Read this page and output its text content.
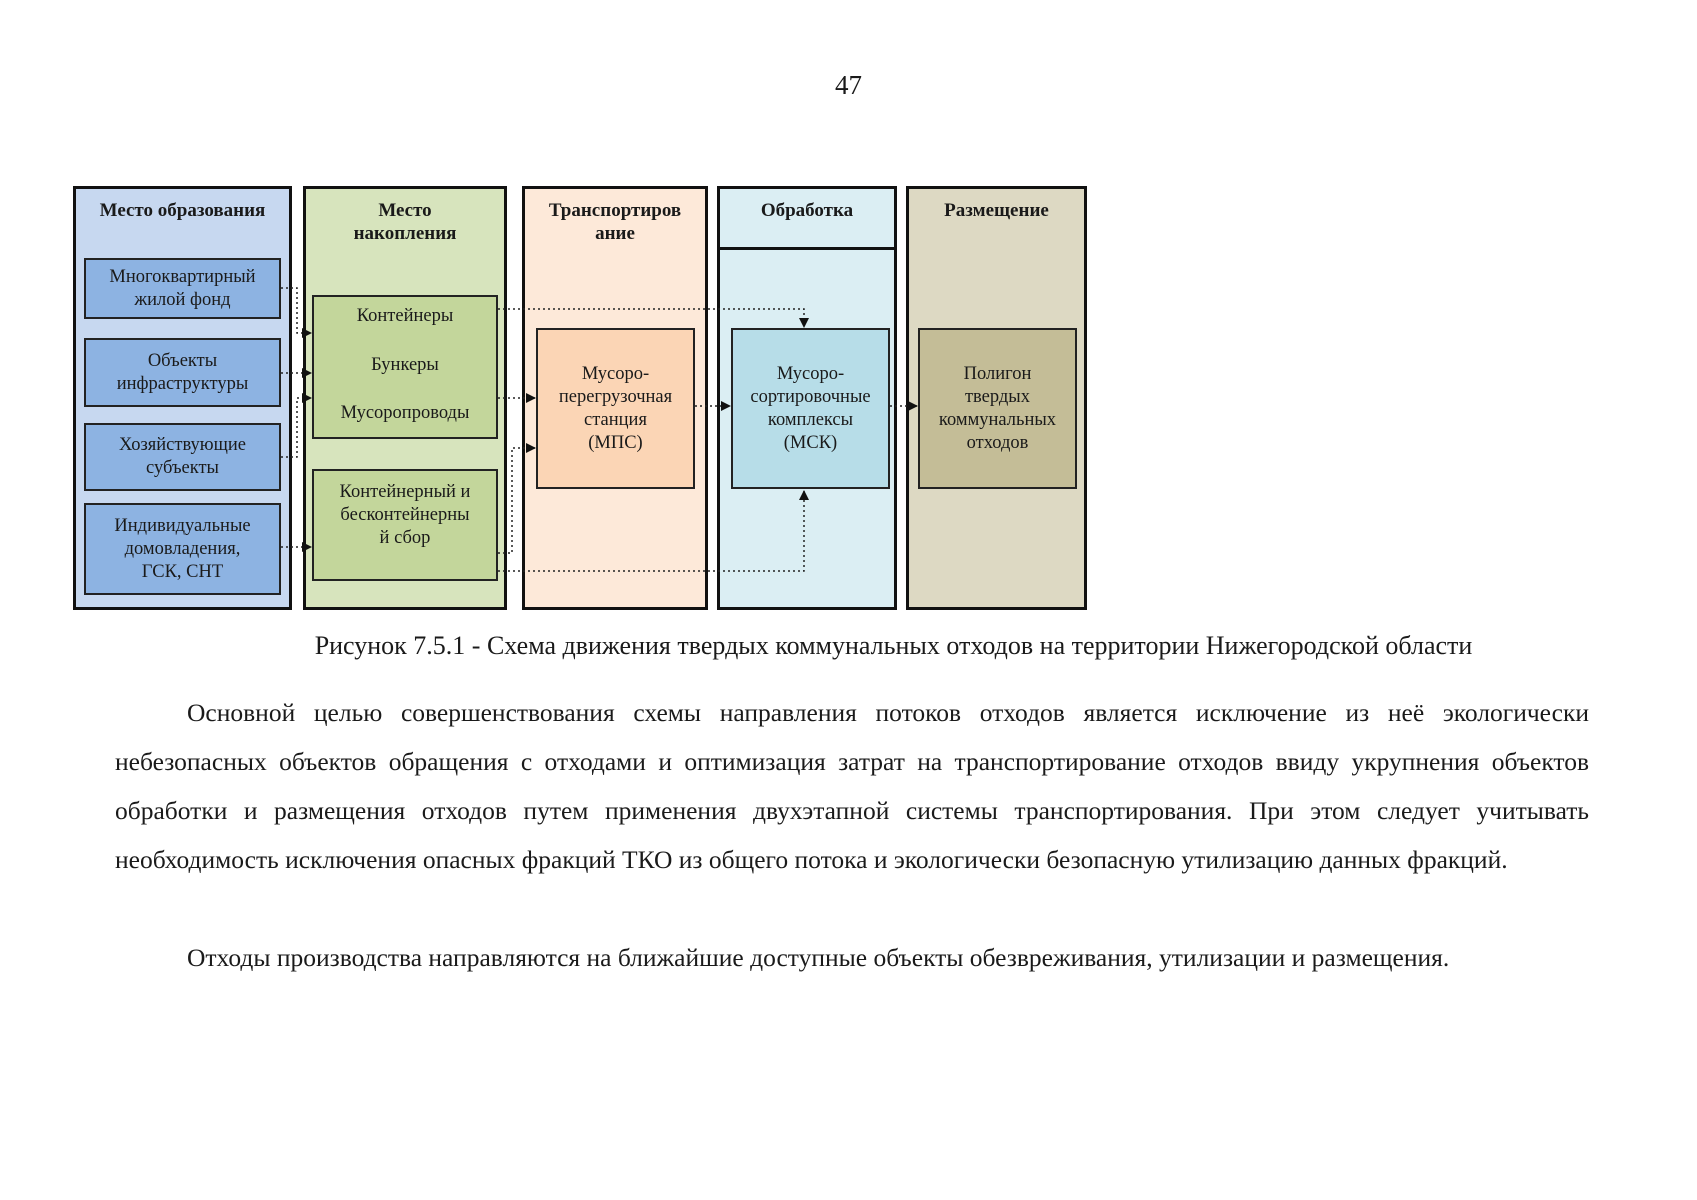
47
Место образования
Многоквартирный
жилой фонд
Объекты
инфраструктуры
Хозяйствующие
субъекты
Индивидуальные
домовладения,
ГСК, СНТ
Место
накопления
Контейнеры
Бункеры
Мусоропроводы
Контейнерный и
бесконтейнерны
й сбор
Транспортиров
ание
Мусоро-
перегрузочная
станция
(МПС)
Обработка
Мусоро-
сортировочные
комплексы
(МСК)
Размещение
Полигон
твердых
коммунальных
отходов
Рисунок 7.5.1 - Схема движения твердых коммунальных отходов на территории Нижегородской области

Основной целью совершенствования схемы направления потоков отходов является исключение из неё экологически небезопасных объектов обращения с отходами и оптимизация затрат на транспортирование отходов ввиду укрупнения объектов обработки и размещения отходов путем применения двухэтапной системы транспортирования. При этом следует учитывать необходимость исключения опасных фракций ТКО из общего потока и экологически безопасную утилизацию данных фракций.

Отходы производства направляются на ближайшие доступные объекты обезвреживания, утилизации и размещения.
